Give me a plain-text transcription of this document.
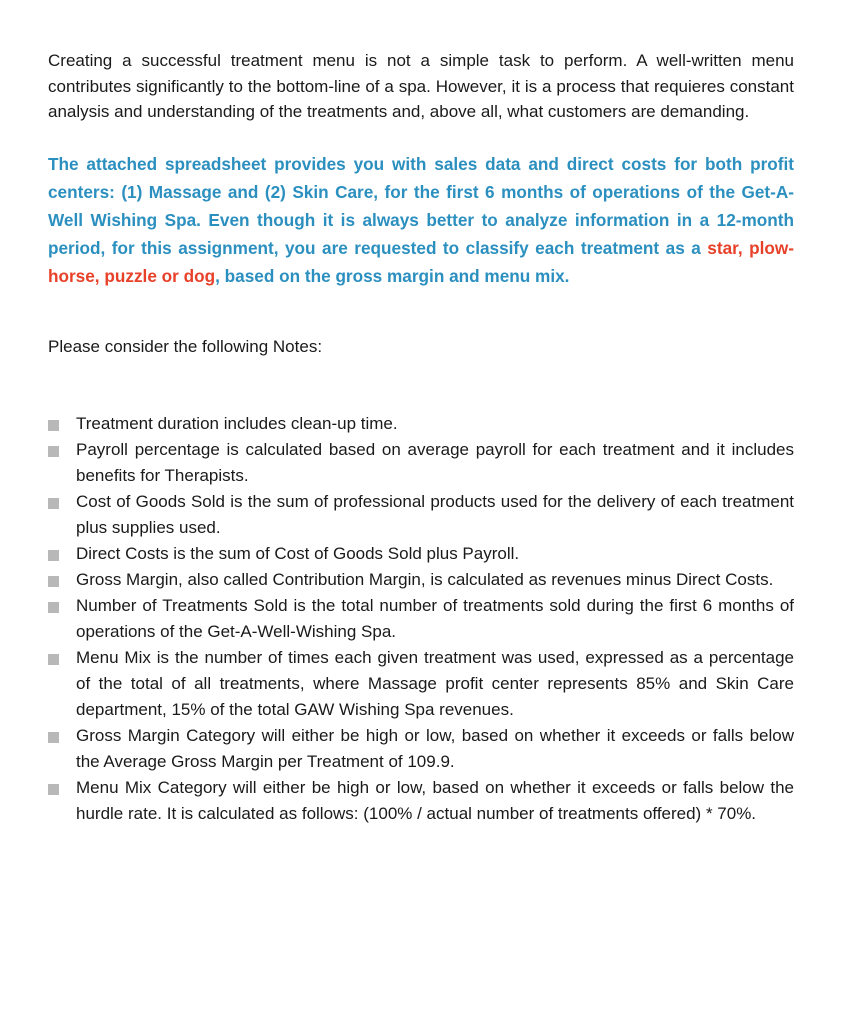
Creating a successful treatment menu is not a simple task to perform. A well-written menu contributes significantly to the bottom-line of a spa. However, it is a process that requieres constant analysis and understanding of the treatments and, above all, what customers are demanding.

The attached spreadsheet provides you with sales data and direct costs for both profit centers: (1) Massage and (2) Skin Care, for the first 6 months of operations of the Get-A-Well Wishing Spa. Even though it is always better to analyze information in a 12-month period, for this assignment, you are requested to classify each treatment as a star, plow-horse, puzzle or dog, based on the gross margin and menu mix.

Please consider the following Notes:

Treatment duration includes clean-up time.
Payroll percentage is calculated based on average payroll for each treatment and it includes benefits for Therapists.
Cost of Goods Sold is the sum of professional products used for the delivery of each treatment plus supplies used.
Direct Costs is the sum of Cost of Goods Sold plus Payroll.
Gross Margin, also called Contribution Margin, is calculated as revenues minus Direct Costs.
Number of Treatments Sold is the total number of treatments sold during the first 6 months of operations of the Get-A-Well-Wishing Spa.
Menu Mix is the number of times each given treatment was used, expressed as a percentage of the total of all treatments, where Massage profit center represents 85% and Skin Care department, 15% of the total GAW Wishing Spa revenues.
Gross Margin Category will either be high or low, based on whether it exceeds or falls below the Average Gross Margin per Treatment of 109.9.
Menu Mix Category will either be high or low, based on whether it exceeds or falls below the hurdle rate. It is calculated as follows: (100% / actual number of treatments offered) * 70%.
